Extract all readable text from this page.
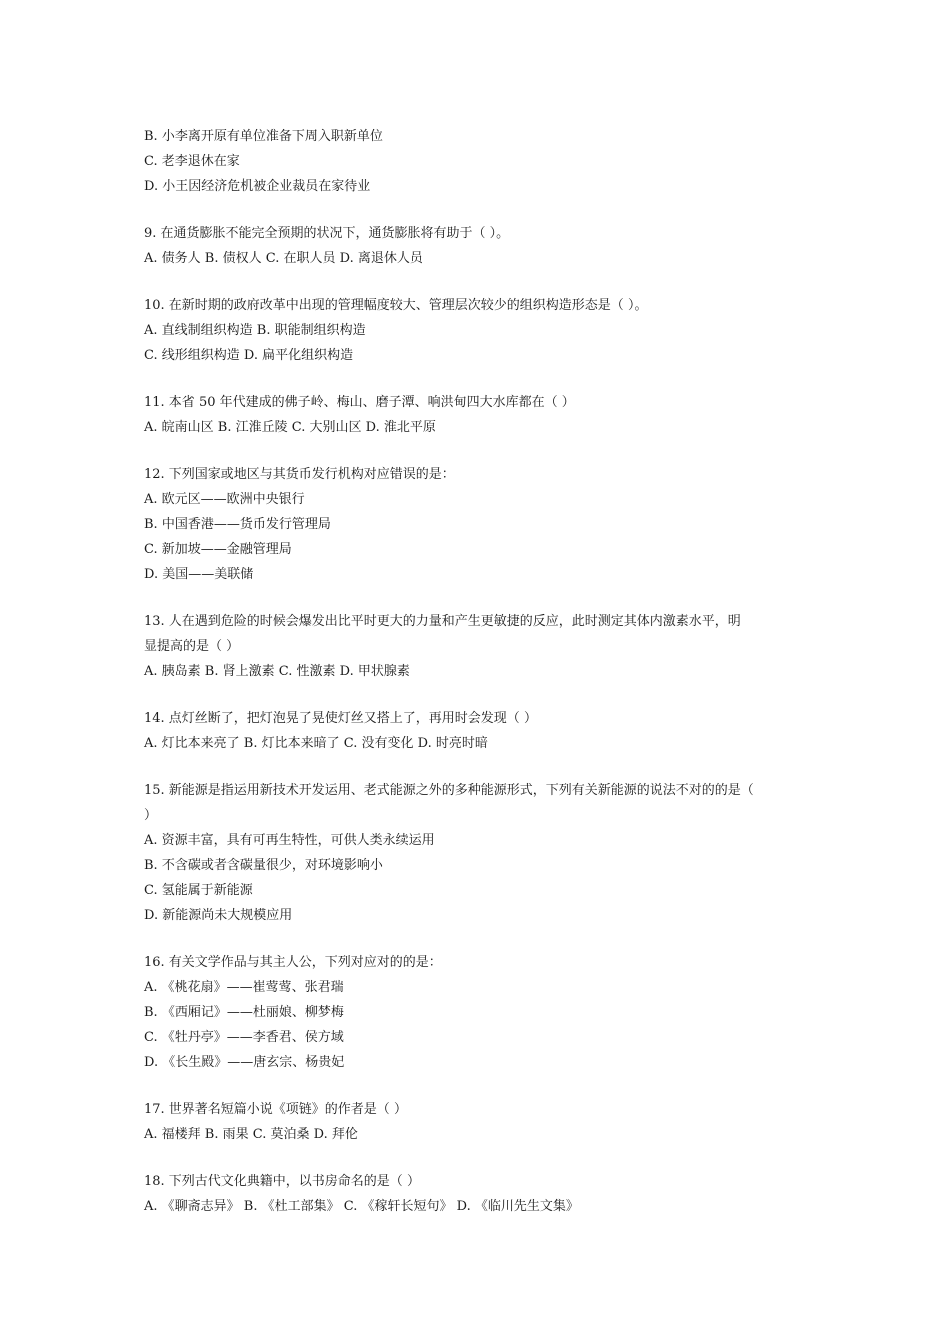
B. 小李离开原有单位准备下周入职新单位
C. 老李退休在家
D. 小王因经济危机被企业裁员在家待业
9. 在通货膨胀不能完全预期的状况下，通货膨胀将有助于（ ）。
A. 债务人 B. 债权人 C. 在职人员 D. 离退休人员
10. 在新时期的政府改革中出现的管理幅度较大、管理层次较少的组织构造形态是（ ）。
A. 直线制组织构造 B. 职能制组织构造
C. 线形组织构造 D. 扁平化组织构造
11. 本省 50 年代建成的佛子岭、梅山、磨子潭、响洪甸四大水库都在（ ）
A. 皖南山区 B. 江淮丘陵 C. 大别山区 D. 淮北平原
12. 下列国家或地区与其货币发行机构对应错误的是：
A. 欧元区——欧洲中央银行
B. 中国香港——货币发行管理局
C. 新加坡——金融管理局
D. 美国——美联储
13. 人在遇到危险的时候会爆发出比平时更大的力量和产生更敏捷的反应，此时测定其体内激素水平，明
显提高的是（ ）
A. 胰岛素 B. 肾上激素 C. 性激素 D. 甲状腺素
14. 点灯丝断了，把灯泡晃了晃使灯丝又搭上了，再用时会发现（ ）
A. 灯比本来亮了 B. 灯比本来暗了 C. 没有变化 D. 时亮时暗
15. 新能源是指运用新技术开发运用、老式能源之外的多种能源形式，下列有关新能源的说法不对的的是（
）
A. 资源丰富，具有可再生特性，可供人类永续运用
B. 不含碳或者含碳量很少，对环境影响小
C. 氢能属于新能源
D. 新能源尚未大规模应用
16. 有关文学作品与其主人公，下列对应对的的是：
A. 《桃花扇》——崔莺莺、张君瑞
B. 《西厢记》——杜丽娘、柳梦梅
C. 《牡丹亭》——李香君、侯方域
D. 《长生殿》——唐玄宗、杨贵妃
17. 世界著名短篇小说《项链》的作者是（ ）
A. 福楼拜 B. 雨果 C. 莫泊桑 D. 拜伦
18. 下列古代文化典籍中，以书房命名的是（ ）
A. 《聊斋志异》 B. 《杜工部集》 C. 《稼轩长短句》 D. 《临川先生文集》
